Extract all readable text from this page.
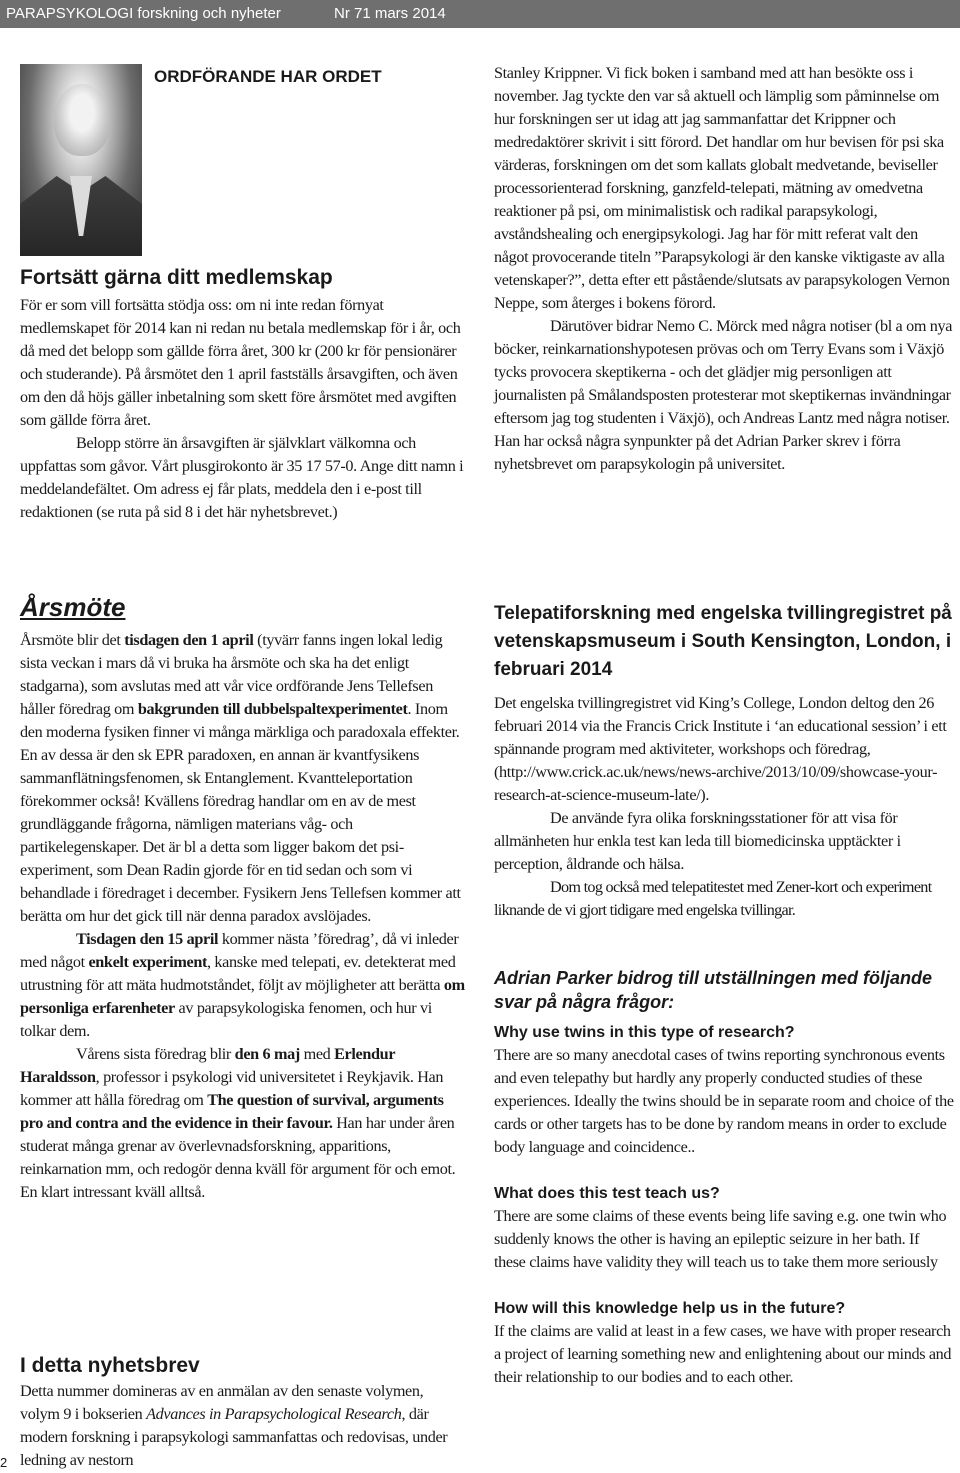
PARAPSYKOLOGI forskning och nyheter	Nr 71 mars 2014
ORDFÖRANDE HAR ORDET
Fortsätt gärna ditt medlemskap

För er som vill fortsätta stödja oss: om ni inte redan förnyat medlemskapet för 2014 kan ni redan nu betala medlemskap för i år, och då med det belopp som gällde förra året, 300 kr (200 kr för pensionärer och studerande). På årsmötet den 1 april fastställs årsavgiften, och även om den då höjs gäller inbetalning som skett före årsmötet med avgiften som gällde förra året.

Belopp större än årsavgiften är självklart välkomna och uppfattas som gåvor. Vårt plusgirokonto är 35 17 57-0. Ange ditt namn i meddelandefältet. Om adress ej får plats, meddela den i e-post till redaktionen (se ruta på sid 8 i det här nyhetsbrevet.)

Årsmöte

Årsmöte blir det tisdagen den 1 april (tyvärr fanns ingen lokal ledig sista veckan i mars då vi bruka ha årsmöte och ska ha det enligt stadgarna), som avslutas med att vår vice ordförande Jens Tellefsen håller föredrag om bakgrunden till dubbelspaltexperimentet. Inom den moderna fysiken finner vi många märkliga och paradoxala effekter. En av dessa är den sk EPR paradoxen, en annan är kvantfysikens sammanflätningsfenomen, sk Entanglement. Kvantteleportation förekommer också! Kvällens föredrag handlar om en av de mest grundläggande frågorna, nämligen materians våg- och partikelegenskaper. Det är bl a detta som ligger bakom det psi-experiment, som Dean Radin gjorde för en tid sedan och som vi behandlade i föredraget i december. Fysikern Jens Tellefsen kommer att berätta om hur det gick till när denna paradox avslöjades.

Tisdagen den 15 april kommer nästa ’föredrag’, då vi inleder med något enkelt experiment, kanske med telepati, ev. detekterat med utrustning för att mäta hudmotståndet, följt av möjligheter att berätta om personliga erfarenheter av parapsykologiska fenomen, och hur vi tolkar dem.

Vårens sista föredrag blir den 6 maj med Erlendur Haraldsson, professor i psykologi vid universitetet i Reykjavik. Han kommer att hålla föredrag om The question of survival, arguments pro and contra and the evidence in their favour. Han har under åren studerat många grenar av överlevnadsforskning, apparitions, reinkarnation mm, och redogör denna kväll för argument för och emot. En klart intressant kväll alltså.

I detta nyhetsbrev

Detta nummer domineras av en anmälan av den senaste volymen, volym 9 i bokserien Advances in Parapsychological Research, där modern forskning i parapsykologi sammanfattas och redovisas, under ledning av nestorn

2

Stanley Krippner. Vi fick boken i samband med att han besökte oss i november. Jag tyckte den var så aktuell och lämplig som påminnelse om hur forskningen ser ut idag att jag sammanfattar det Krippner och medredaktörer skrivit i sitt förord. Det handlar om hur bevisen för psi ska värderas, forskningen om det som kallats globalt medvetande, beviseller processorienterad forskning, ganzfeld-telepati, mätning av omedvetna reaktioner på psi, om minimalistisk och radikal parapsykologi, avståndshealing och energipsykologi. Jag har för mitt referat valt den något provocerande titeln ”Parapsykologi är den kanske viktigaste av alla vetenskaper?”, detta efter ett påstående/slutsats av parapsykologen Vernon Neppe, som återges i bokens förord.

Därutöver bidrar Nemo C. Mörck med några notiser (bl a om nya böcker, reinkarnationshypotesen prövas och om Terry Evans som i Växjö tycks provocera skeptikerna - och det glädjer mig personligen att journalisten på Smålandsposten protesterar mot skeptikernas invändningar eftersom jag tog studenten i Växjö), och Andreas Lantz med några notiser. Han har också några synpunkter på det Adrian Parker skrev i förra nyhetsbrevet om parapsykologin på universitet.

Telepatiforskning med engelska tvillingregistret på vetenskapsmuseum i South Kensington, London, i februari 2014

Det engelska tvillingregistret vid King’s College, London deltog den 26 februari 2014 via the Francis Crick Institute i ‘an educational session’ i ett spännande program med aktiviteter, workshops och föredrag, (http://www.crick.ac.uk/news/news-archive/2013/10/09/showcase-your-research-at-science-museum-late/).

De använde fyra olika forskningsstationer för att visa för allmänheten hur enkla test kan leda till biomedicinska upptäckter i perception, åldrande och hälsa.

Dom tog också med telepatitestet med Zener-kort och experiment liknande de vi gjort tidigare med engelska tvillingar.

Adrian Parker bidrog till utställningen med följande svar på några frågor:
Why use twins in this type of research?

There are so many anecdotal cases of twins reporting synchronous events and even telepathy but hardly any properly conducted studies of these experiences. Ideally the twins should be in separate room and choice of the cards or other targets has to be done by random means in order to exclude body language and coincidence..

What does this test teach us?

There are some claims of these events being life saving e.g. one twin who suddenly knows the other is having an epileptic seizure in her bath. If these claims have validity they will teach us to take them more seriously

How will this knowledge help us in the future?

If the claims are valid at least in a few cases, we have with proper research a project of learning something new and enlightening about our minds and their relationship to our bodies and to each other.
